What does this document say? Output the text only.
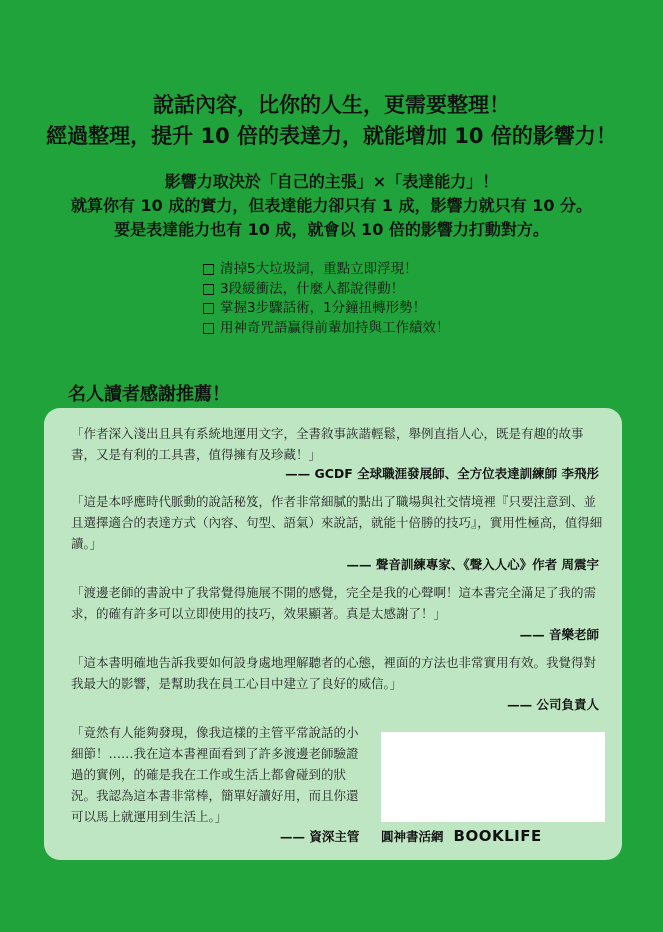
說話內容，比你的人生，更需要整理！
經過整理，提升 10 倍的表達力，就能增加 10 倍的影響力！
影響力取決於「自己的主張」×「表達能力」！
就算你有 10 成的實力，但表達能力卻只有 1 成，影響力就只有 10 分。
要是表達能力也有 10 成，就會以 10 倍的影響力打動對方。
清掉5大垃圾詞，重點立即浮現！
3段緩衝法，什麼人都說得動！
掌握3步驟話術，1分鐘扭轉形勢！
用神奇咒語贏得前輩加持與工作績效！
名人讀者感謝推薦！
「作者深入淺出且具有系統地運用文字，全書敘事詼諧輕鬆，舉例直指人心，既是有趣的故事書，又是有利的工具書，值得擁有及珍藏！」
—— GCDF 全球職涯發展師、全方位表達訓練師 李飛彤
「這是本呼應時代脈動的說話秘笈，作者非常細膩的點出了職場與社交情境裡『只要注意到、並且選擇適合的表達方式（內容、句型、語氣）來說話，就能十倍勝的技巧』，實用性極高，值得細讀。」
—— 聲音訓練專家、《聲入人心》作者 周震宇
「渡邊老師的書說中了我常覺得施展不開的感覺，完全是我的心聲啊！這本書完全滿足了我的需求，的確有許多可以立即使用的技巧，效果顯著。真是太感謝了！」
—— 音樂老師
「這本書明確地告訴我要如何設身處地理解聽者的心態，裡面的方法也非常實用有效。我覺得對我最大的影響，是幫助我在員工心目中建立了良好的威信。」
—— 公司負責人
「竟然有人能夠發現，像我這樣的主管平常說話的小細節！……我在這本書裡面看到了許多渡邊老師驗證過的實例，的確是我在工作或生活上都會碰到的狀況。我認為這本書非常棒，簡單好讀好用，而且你還可以馬上就運用到生活上。」
—— 資深主管 圓神書活網 BOOKLIFE
